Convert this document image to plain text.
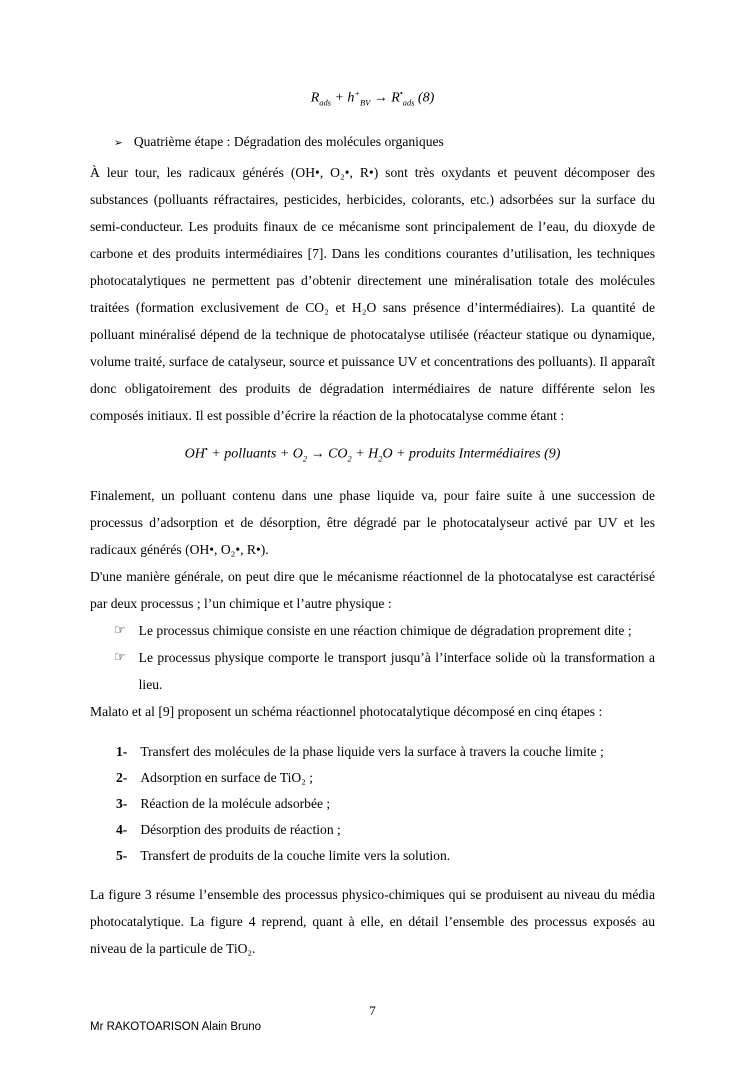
$R_{ads} + h^+_{BV} \to R^•_{ads}$ (8)
➢ Quatrième étape : Dégradation des molécules organiques

À leur tour, les radicaux générés (OH•, O₂•, R•) sont très oxydants et peuvent décomposer des substances (polluants réfractaires, pesticides, herbicides, colorants, etc.) adsorbées sur la surface du semi-conducteur. Les produits finaux de ce mécanisme sont principalement de l’eau, du dioxyde de carbone et des produits intermédiaires [7]. Dans les conditions courantes d’utilisation, les techniques photocatalytiques ne permettent pas d’obtenir directement une minéralisation totale des molécules traitées (formation exclusivement de CO₂ et H₂O sans présence d’intermédiaires). La quantité de polluant minéralisé dépend de la technique de photocatalyse utilisée (réacteur statique ou dynamique, volume traité, surface de catalyseur, source et puissance UV et concentrations des polluants). Il apparaît donc obligatoirement des produits de dégradation intermédiaires de nature différente selon les composés initiaux. Il est possible d’écrire la réaction de la photocatalyse comme étant :

OH• + polluants + $O_2 \to CO_2 + H_2O$ + produits Intermédiaires (9)

Finalement, un polluant contenu dans une phase liquide va, pour faire suite à une succession de processus d’adsorption et de désorption, être dégradé par le photocatalyseur activé par UV et les radicaux générés (OH•, O₂•, R•).

D'une manière générale, on peut dire que le mécanisme réactionnel de la photocatalyse est caractérisé par deux processus ; l’un chimique et l’autre physique :

☞ Le processus chimique consiste en une réaction chimique de dégradation proprement dite ;
☞ Le processus physique comporte le transport jusqu’à l’interface solide où la transformation a lieu.

Malato et al [9] proposent un schéma réactionnel photocatalytique décomposé en cinq étapes :

1- Transfert des molécules de la phase liquide vers la surface à travers la couche limite ;
2- Adsorption en surface de TiO₂ ;
3- Réaction de la molécule adsorbée ;
4- Désorption des produits de réaction ;
5- Transfert de produits de la couche limite vers la solution.

La figure 3 résume l’ensemble des processus physico-chimiques qui se produisent au niveau du média photocatalytique. La figure 4 reprend, quant à elle, en détail l’ensemble des processus exposés au niveau de la particule de TiO₂.

7
Mr RAKOTOARISON Alain Bruno
